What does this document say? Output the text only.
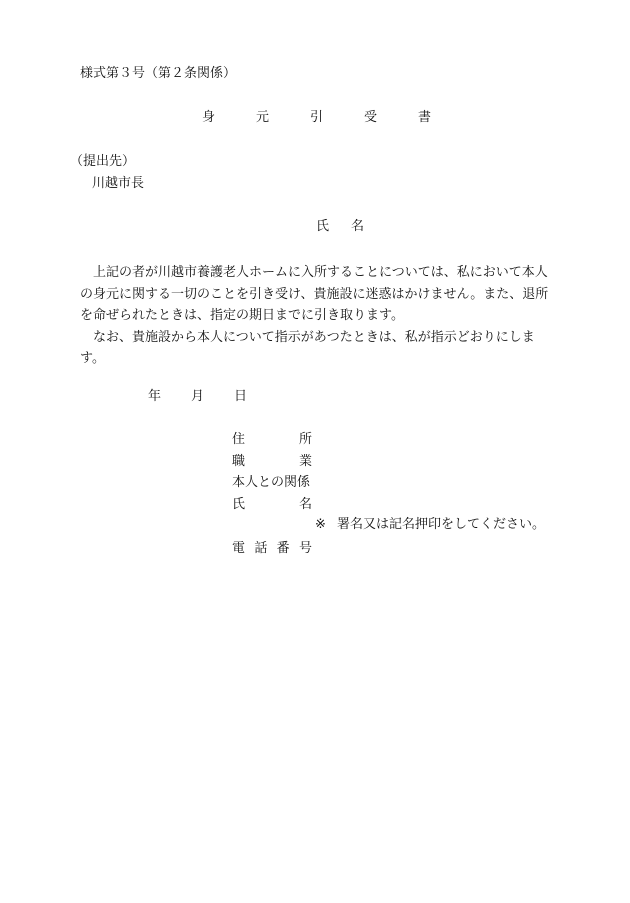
様式第３号（第２条関係）
身	元	引	受	書
（提出先）
川越市長
氏 名

上記の者が川越市養護老人ホームに入所することについては、私において本人の身元に関する一切のことを引き受け、貴施設に迷惑はかけません。また、退所を命ぜられたときは、指定の期日までに引き取ります。

なお、貴施設から本人について指示があつたときは、私が指示どおりにします。

年 月 日
住	所
職	業
本人との関係
氏	名
※ 署名又は記名押印をしてください。
電 話 番 号
